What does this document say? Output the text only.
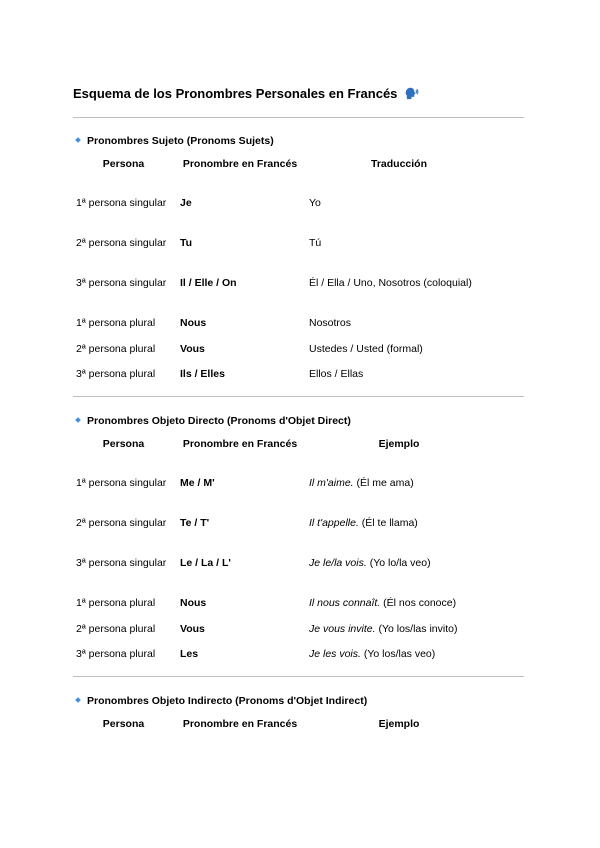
Esquema de los Pronombres Personales en Francés
Pronombres Sujeto (Pronoms Sujets)
Persona	Pronombre en Francés	Traducción
1ª persona singular	Je	Yo
2ª persona singular	Tu	Tú
3ª persona singular	Il / Elle / On	Él / Ella / Uno, Nosotros (coloquial)
1ª persona plural	Nous	Nosotros
2ª persona plural	Vous	Ustedes / Usted (formal)
3ª persona plural	Ils / Elles	Ellos / Ellas
Pronombres Objeto Directo (Pronoms d'Objet Direct)
Persona	Pronombre en Francés	Ejemplo
1ª persona singular	Me / M'	Il m'aime. (Él me ama)
2ª persona singular	Te / T'	Il t'appelle. (Él te llama)
3ª persona singular	Le / La / L'	Je le/la vois. (Yo lo/la veo)
1ª persona plural	Nous	Il nous connaît. (Él nos conoce)
2ª persona plural	Vous	Je vous invite. (Yo los/las invito)
3ª persona plural	Les	Je les vois. (Yo los/las veo)
Pronombres Objeto Indirecto (Pronoms d'Objet Indirect)
Persona	Pronombre en Francés	Ejemplo
